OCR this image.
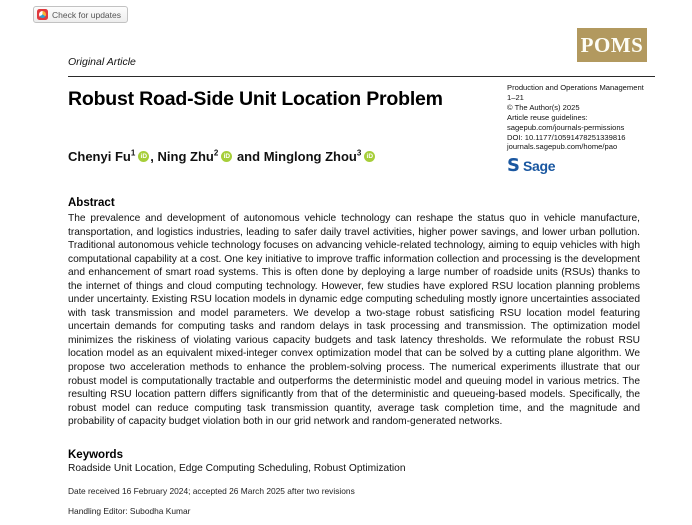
Check for updates
POMS
Original Article
Robust Road-Side Unit Location Problem
Chenyi Fu$^1$ iD , Ning Zhu$^2$ iD and Minglong Zhou$^3$ iD
Production and Operations Management
1–21
© The Author(s) 2025
Article reuse guidelines:
sagepub.com/journals-permissions
DOI: 10.1177/10591478251339816
journals.sagepub.com/home/pao
S Sage
Abstract
The prevalence and development of autonomous vehicle technology can reshape the status quo in vehicle manufacture, transportation, and logistics industries, leading to safer daily travel activities, higher power savings, and lower urban pollution. Traditional autonomous vehicle technology focuses on advancing vehicle-related technology, aiming to equip vehicles with high computational capability at a cost. One key initiative to improve traffic information collection and processing is the development and enhancement of smart road systems. This is often done by deploying a large number of roadside units (RSUs) thanks to the internet of things and cloud computing technology. However, few studies have explored RSU location planning problems under uncertainty. Existing RSU location models in dynamic edge computing scheduling mostly ignore uncertainties associated with task transmission and model parameters. We develop a two-stage robust satisficing RSU location model featuring uncertain demands for computing tasks and random delays in task processing and transmission. The optimization model minimizes the riskiness of violating various capacity budgets and task latency thresholds. We reformulate the robust RSU location model as an equivalent mixed-integer convex optimization model that can be solved by a cutting plane algorithm. We propose two acceleration methods to enhance the problem-solving process. The numerical experiments illustrate that our robust model is computationally tractable and outperforms the deterministic model and queuing model in various metrics. The resulting RSU location pattern differs significantly from that of the deterministic and queueing-based models. Specifically, the robust model can reduce computing task transmission quantity, average task completion time, and the magnitude and probability of capacity budget violation both in our grid network and random-generated networks.
Keywords
Roadside Unit Location, Edge Computing Scheduling, Robust Optimization
Date received 16 February 2024; accepted 26 March 2025 after two revisions
Handling Editor: Subodha Kumar
